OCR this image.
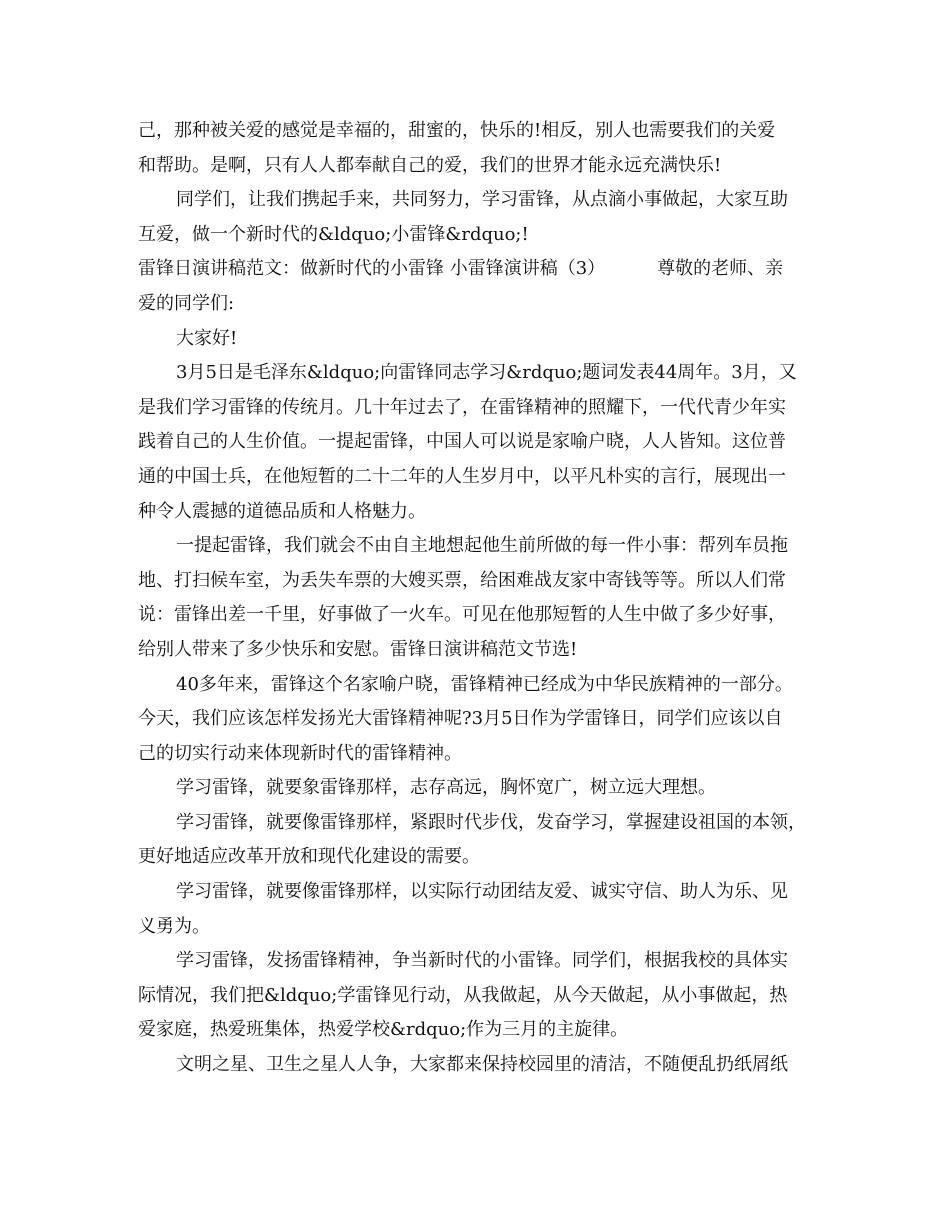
己，那种被关爱的感觉是幸福的，甜蜜的，快乐的!相反，别人也需要我们的关爱
和帮助。是啊，只有人人都奉献自己的爱，我们的世界才能永远充满快乐!
同学们，让我们携起手来，共同努力，学习雷锋，从点滴小事做起，大家互助
互爱，做一个新时代的&ldquo;小雷锋&rdquo;!
雷锋日演讲稿范文：做新时代的小雷锋 小雷锋演讲稿（3）	尊敬的老师、亲
爱的同学们:
大家好!
3月5日是毛泽东&ldquo;向雷锋同志学习&rdquo;题词发表44周年。3月，又
是我们学习雷锋的传统月。几十年过去了，在雷锋精神的照耀下，一代代青少年实
践着自己的人生价值。一提起雷锋，中国人可以说是家喻户晓，人人皆知。这位普
通的中国士兵，在他短暂的二十二年的人生岁月中，以平凡朴实的言行，展现出一
种令人震撼的道德品质和人格魅力。
一提起雷锋，我们就会不由自主地想起他生前所做的每一件小事：帮列车员拖
地、打扫候车室，为丢失车票的大嫂买票，给困难战友家中寄钱等等。所以人们常
说：雷锋出差一千里，好事做了一火车。可见在他那短暂的人生中做了多少好事，
给别人带来了多少快乐和安慰。雷锋日演讲稿范文节选!
40多年来，雷锋这个名家喻户晓，雷锋精神已经成为中华民族精神的一部分。
今天，我们应该怎样发扬光大雷锋精神呢?3月5日作为学雷锋日，同学们应该以自
己的切实行动来体现新时代的雷锋精神。
学习雷锋，就要象雷锋那样，志存高远，胸怀宽广，树立远大理想。
学习雷锋，就要像雷锋那样，紧跟时代步伐，发奋学习，掌握建设祖国的本领，
更好地适应改革开放和现代化建设的需要。
学习雷锋，就要像雷锋那样，以实际行动团结友爱、诚实守信、助人为乐、见
义勇为。
学习雷锋，发扬雷锋精神，争当新时代的小雷锋。同学们，根据我校的具体实
际情况，我们把&ldquo;学雷锋见行动，从我做起，从今天做起，从小事做起，热
爱家庭，热爱班集体，热爱学校&rdquo;作为三月的主旋律。
文明之星、卫生之星人人争，大家都来保持校园里的清洁，不随便乱扔纸屑纸
